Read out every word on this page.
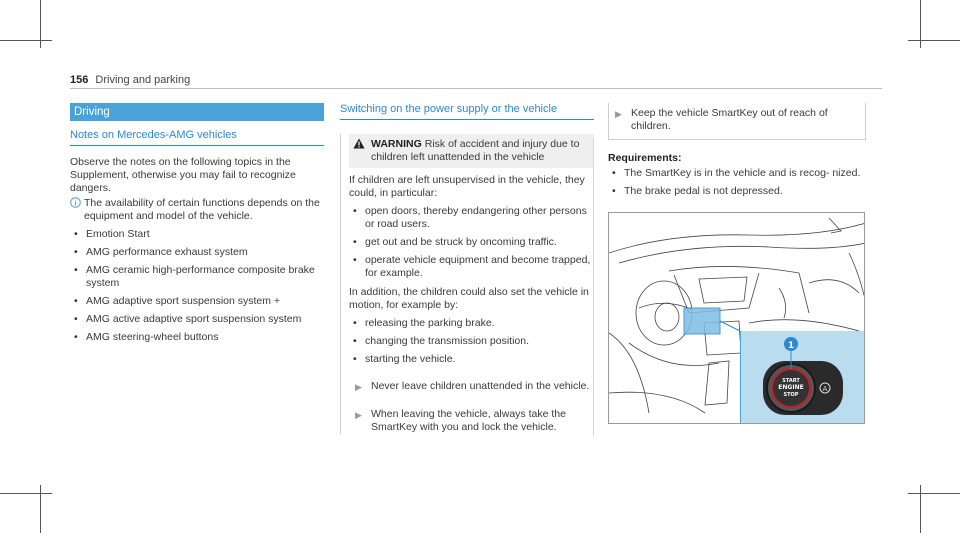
156 Driving and parking
Driving
Notes on Mercedes-AMG vehicles

Observe the notes on the following topics in the Supplement, otherwise you may fail to recognize dangers.

The availability of certain functions depends on the equipment and model of the vehicle.
• Emotion Start
• AMG performance exhaust system
• AMG ceramic high-performance composite brake system
• AMG adaptive sport suspension system +
• AMG active adaptive sport suspension system
• AMG steering-wheel buttons
Switching on the power supply or the vehicle
WARNING Risk of accident and injury due to children left unattended in the vehicle

If children are left unsupervised in the vehicle, they could, in particular:

• open doors, thereby endangering other persons or road users.
• get out and be struck by oncoming traffic.
• operate vehicle equipment and become trapped, for example.

In addition, the children could also set the vehicle in motion, for example by:

• releasing the parking brake.
• changing the transmission position.
• starting the vehicle.
▶ Never leave children unattended in the vehicle.
▶ When leaving the vehicle, always take the SmartKey with you and lock the vehicle.
▶ Keep the vehicle SmartKey out of reach of children.
Requirements:
• The SmartKey is in the vehicle and is recog- nized.
• The brake pedal is not depressed.
A
START
ENGINE
STOP
1
